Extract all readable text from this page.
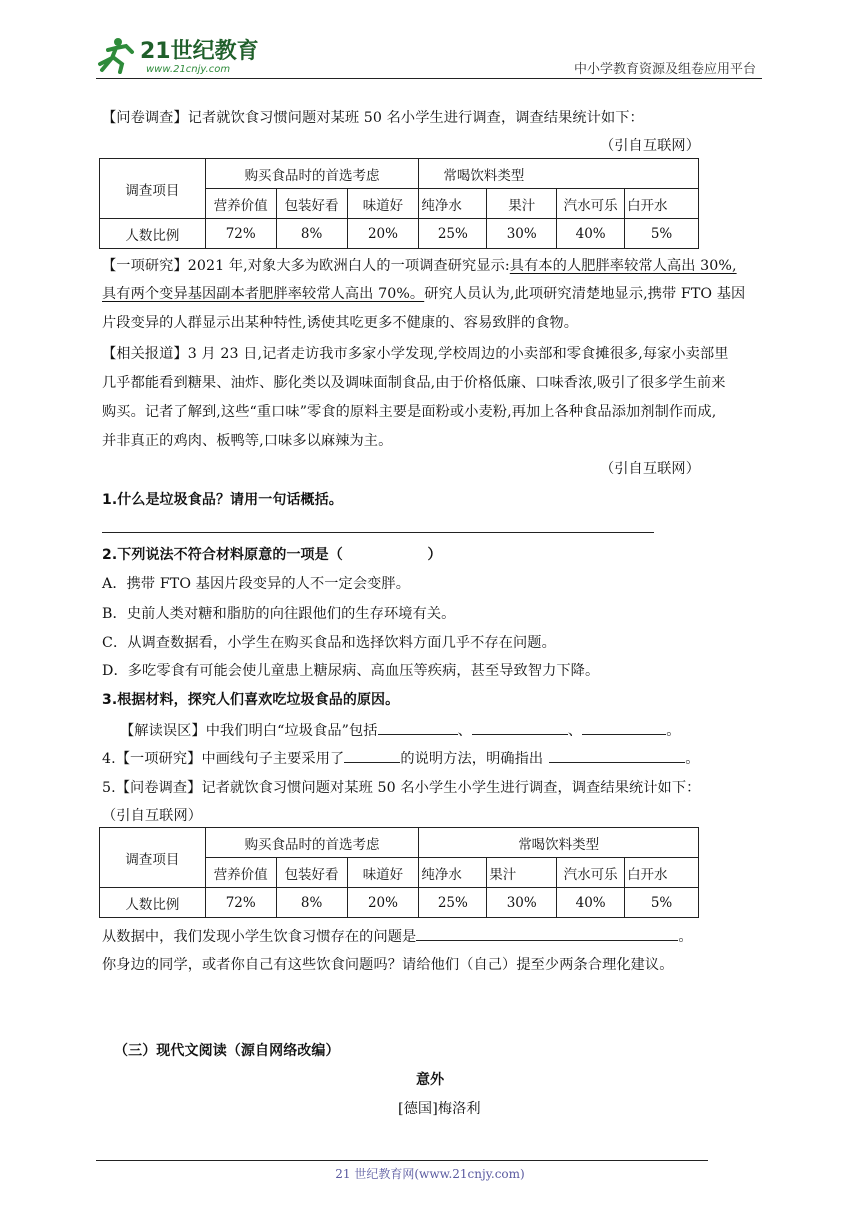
21世纪教育
www.21cnjy.com	中小学教育资源及组卷应用平台
【问卷调查】记者就饮食习惯问题对某班 50 名小学生进行调查，调查结果统计如下：
（引自互联网）
调查项目	购买食品时的首选考虑			常喝饮料类型			
	营养价值	包装好看	味道好	纯净水	果汁	汽水可乐	白开水
人数比例	72%	8%	20%	25%	30%	40%	5%
【一项研究】2021 年,对象大多为欧洲白人的一项调查研究显示:具有本的人肥胖率较常人高出 30%,
具有两个变异基因副本者肥胖率较常人高出 70%。研究人员认为,此项研究清楚地显示,携带 FTO 基因
片段变异的人群显示出某种特性,诱使其吃更多不健康的、容易致胖的食物。
【相关报道】3 月 23 日,记者走访我市多家小学发现,学校周边的小卖部和零食摊很多,每家小卖部里
几乎都能看到糖果、油炸、膨化类以及调味面制食品,由于价格低廉、口味香浓,吸引了很多学生前来
购买。记者了解到,这些“重口味”零食的原料主要是面粉或小麦粉,再加上各种食品添加剂制作而成,
并非真正的鸡肉、板鸭等,口味多以麻辣为主。
（引自互联网）
1.什么是垃圾食品？请用一句话概括。
2.下列说法不符合材料原意的一项是（　　　　　　）
A．携带 FTO 基因片段变异的人不一定会变胖。
B．史前人类对糖和脂肪的向往跟他们的生存环境有关。
C．从调查数据看，小学生在购买食品和选择饮料方面几乎不存在问题。
D．多吃零食有可能会使儿童患上糖尿病、高血压等疾病，甚至导致智力下降。
3.根据材料，探究人们喜欢吃垃圾食品的原因。
【解读误区】中我们明白“垃圾食品”包括	、	、	。
4.【一项研究】中画线句子主要采用了	的说明方法，明确指出	。
5.【问卷调查】记者就饮食习惯问题对某班 50 名小学生小学生进行调查，调查结果统计如下：
（引自互联网）
调查项目	购买食品时的首选考虑			常喝饮料类型			
	营养价值	包装好看	味道好	纯净水	果汁	汽水可乐	白开水
人数比例	72%	8%	20%	25%	30%	40%	5%
从数据中，我们发现小学生饮食习惯存在的问题是	。
你身边的同学，或者你自己有这些饮食问题吗？请给他们（自己）提至少两条合理化建议。
（三）现代文阅读（源自网络改编）
意外
[德国]梅洛利
21 世纪教育网(www.21cnjy.com)
